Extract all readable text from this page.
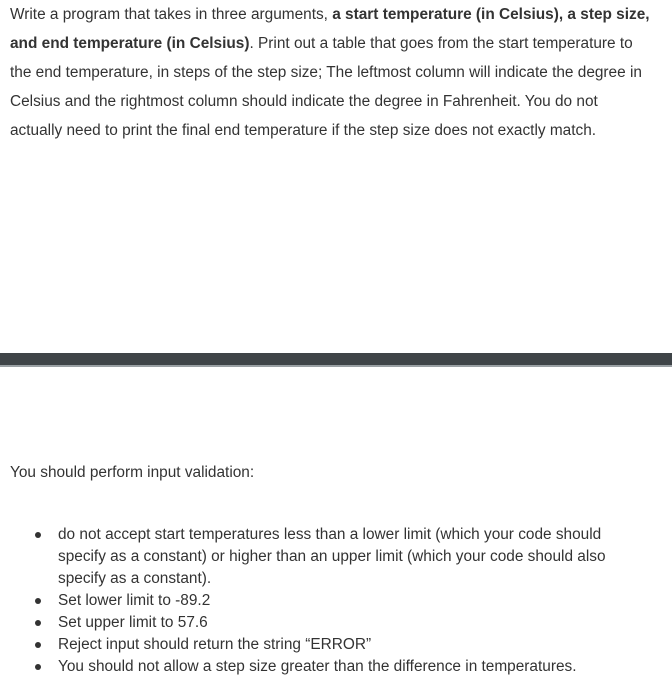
Write a program that takes in three arguments, a start temperature (in Celsius), a step size, and end temperature (in Celsius). Print out a table that goes from the start temperature to the end temperature, in steps of the step size; The leftmost column will indicate the degree in Celsius and the rightmost column should indicate the degree in Fahrenheit. You do not actually need to print the final end temperature if the step size does not exactly match.

You should perform input validation:

do not accept start temperatures less than a lower limit (which your code should specify as a constant) or higher than an upper limit (which your code should also specify as a constant).
Set lower limit to -89.2
Set upper limit to 57.6
Reject input should return the string “ERROR”
You should not allow a step size greater than the difference in temperatures.
